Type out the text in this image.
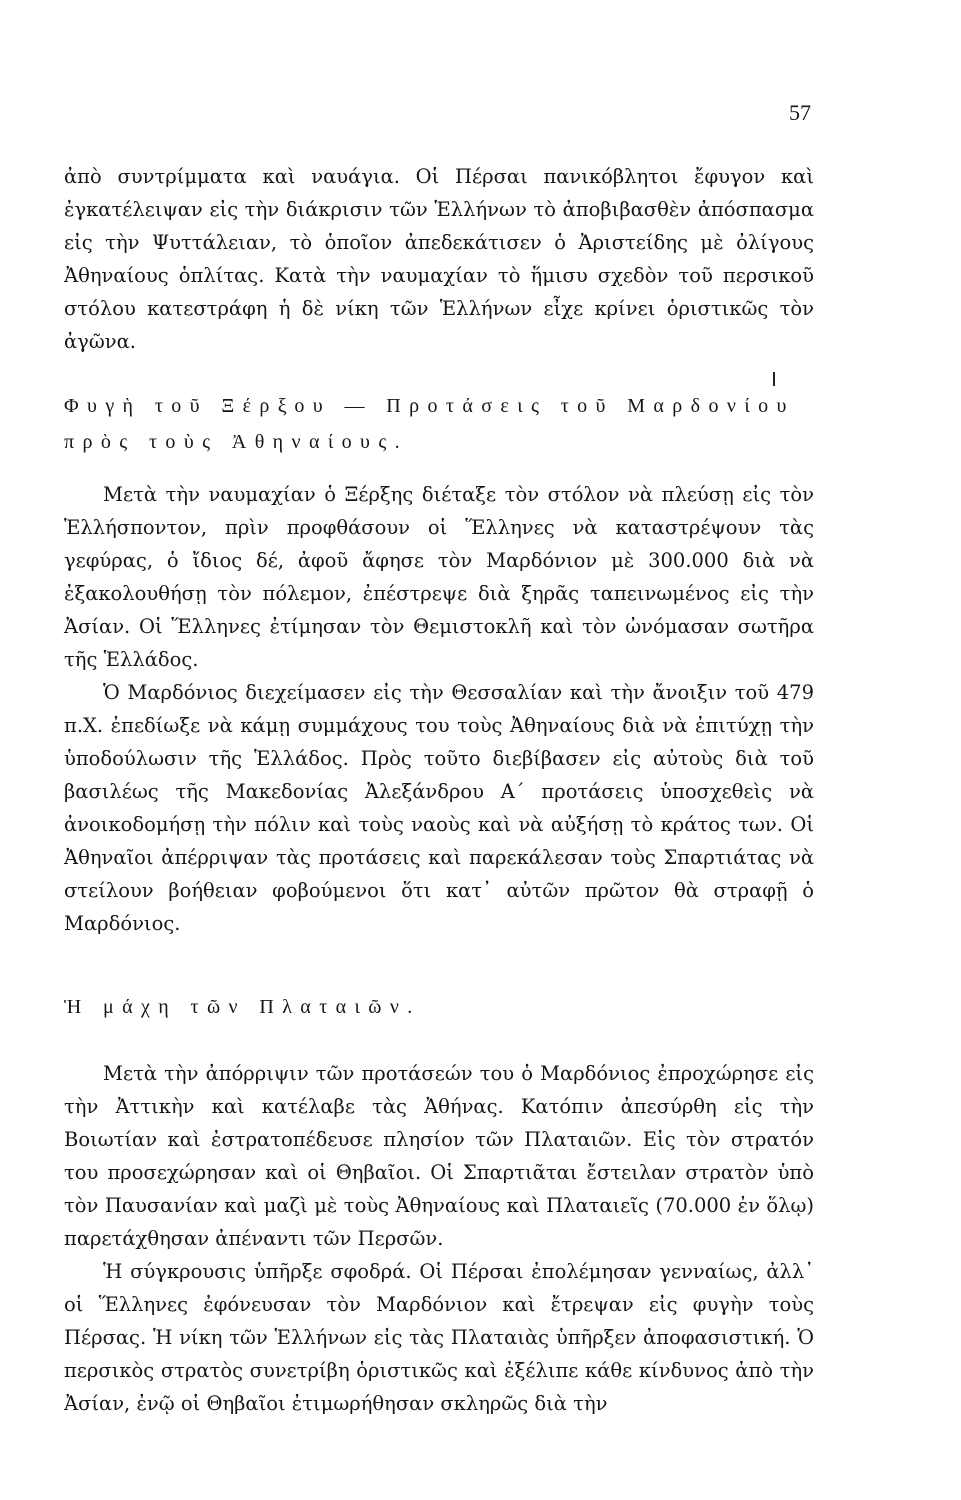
57

ἀπὸ συντρίμματα καὶ ναυάγια. Οἱ Πέρσαι πανικόβλητοι ἔφυγον καὶ ἐγκατέλειψαν εἰς τὴν διάκρισιν τῶν Ἑλλήνων τὸ ἀποβιβασθὲν ἀπόσπασμα εἰς τὴν Ψυττάλειαν, τὸ ὁποῖον ἀπεδεκάτισεν ὁ Ἀριστείδης μὲ ὀλίγους Ἀθηναίους ὁπλίτας. Κατὰ τὴν ναυμαχίαν τὸ ἥμισυ σχεδὸν τοῦ περσικοῦ στόλου κατεστράφη ἡ δὲ νίκη τῶν Ἑλλήνων εἶχε κρίνει ὁριστικῶς τὸν ἀγῶνα.

Φυγὴ τοῦ Ξέρξου — Προτάσεις τοῦ Μαρδονίου πρὸς τοὺς Ἀθηναίους.

Μετὰ τὴν ναυμαχίαν ὁ Ξέρξης διέταξε τὸν στόλον νὰ πλεύσῃ εἰς τὸν Ἑλλήσποντον, πρὶν προφθάσουν οἱ Ἕλληνες νὰ καταστρέψουν τὰς γεφύρας, ὁ ἴδιος δέ, ἀφοῦ ἄφησε τὸν Μαρδόνιον μὲ 300.000 διὰ νὰ ἐξακολουθήσῃ τὸν πόλεμον, ἐπέστρεψε διὰ ξηρᾶς ταπεινωμένος εἰς τὴν Ἀσίαν. Οἱ Ἕλληνες ἐτίμησαν τὸν Θεμιστοκλῆ καὶ τὸν ὠνόμασαν σωτῆρα τῆς Ἑλλάδος.

Ὁ Μαρδόνιος διεχείμασεν εἰς τὴν Θεσσαλίαν καὶ τὴν ἄνοιξιν τοῦ 479 π.Χ. ἐπεδίωξε νὰ κάμῃ συμμάχους του τοὺς Ἀθηναίους διὰ νὰ ἐπιτύχῃ τὴν ὑποδούλωσιν τῆς Ἑλλάδος. Πρὸς τοῦτο διεβίβασεν εἰς αὐτοὺς διὰ τοῦ βασιλέως τῆς Μακεδονίας Ἀλεξάνδρου Α΄ προτάσεις ὑποσχεθεὶς νὰ ἀνοικοδομήσῃ τὴν πόλιν καὶ τοὺς ναοὺς καὶ νὰ αὐξήσῃ τὸ κράτος των. Οἱ Ἀθηναῖοι ἀπέρριψαν τὰς προτάσεις καὶ παρεκάλεσαν τοὺς Σπαρτιάτας νὰ στείλουν βοήθειαν φοβούμενοι ὅτι κατ᾽ αὐτῶν πρῶτον θὰ στραφῇ ὁ Μαρδόνιος.

Ἡ μάχη τῶν Πλαταιῶν.

Μετὰ τὴν ἀπόρριψιν τῶν προτάσεών του ὁ Μαρδόνιος ἐπροχώρησε εἰς τὴν Ἀττικὴν καὶ κατέλαβε τὰς Ἀθήνας. Κατόπιν ἀπεσύρθη εἰς τὴν Βοιωτίαν καὶ ἐστρατοπέδευσε πλησίον τῶν Πλαταιῶν. Εἰς τὸν στρατόν του προσεχώρησαν καὶ οἱ Θηβαῖοι. Οἱ Σπαρτιᾶται ἔστειλαν στρατὸν ὑπὸ τὸν Παυσανίαν καὶ μαζὶ μὲ τοὺς Ἀθηναίους καὶ Πλαταιεῖς (70.000 ἐν ὅλῳ) παρετάχθησαν ἀπέναντι τῶν Περσῶν.

Ἡ σύγκρουσις ὑπῆρξε σφοδρά. Οἱ Πέρσαι ἐπολέμησαν γενναίως, ἀλλ᾽ οἱ Ἕλληνες ἐφόνευσαν τὸν Μαρδόνιον καὶ ἔτρεψαν εἰς φυγὴν τοὺς Πέρσας. Ἡ νίκη τῶν Ἑλλήνων εἰς τὰς Πλαταιὰς ὑπῆρξεν ἀποφασιστική. Ὁ περσικὸς στρατὸς συνετρίβη ὁριστικῶς καὶ ἐξέλιπε κάθε κίνδυνος ἀπὸ τὴν Ἀσίαν, ἐνῷ οἱ Θηβαῖοι ἐτιμωρήθησαν σκληρῶς διὰ τὴν
